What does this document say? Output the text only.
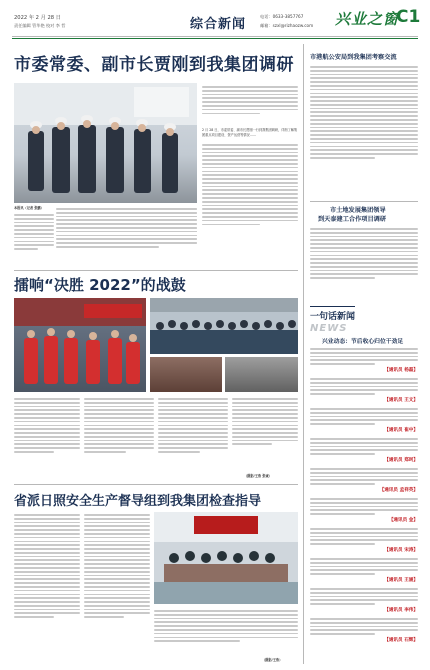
2022 年 2 月 28 日
责任编辑 管华艳 校对 李 哲	综合新闻
电话：0633-3857767
邮箱：szxl@rizhaozw.com 兴业之窗
C1
市委常委、副市长贾刚到我集团调研
本报讯（记者 张鹏）
2 月 28 日，市委常委、副市长贾刚一行到我集团调研，详细了解集团重点项目建设、资产运营等情况……
擂响“决胜 2022”的战鼓
（摄影/王浩 张诚）
省派日照安全生产督导组到我集团检查指导
（摄影/王浩）
市港航公安局到我集团考察交流
市土地发展集团领导
到天泰建工合作项目调研
一句话新闻
NEWS
兴业动态：节后收心归位干劲足
【通讯员 杨磊】
【通讯员 王文】
【通讯员 崔中】
【通讯员 郑珂】
【通讯员 孟祥英】
【通讯员 金】
【通讯员 宋涛】
【通讯员 王涵】
【通讯员 李伟】
【通讯员 石辉】
